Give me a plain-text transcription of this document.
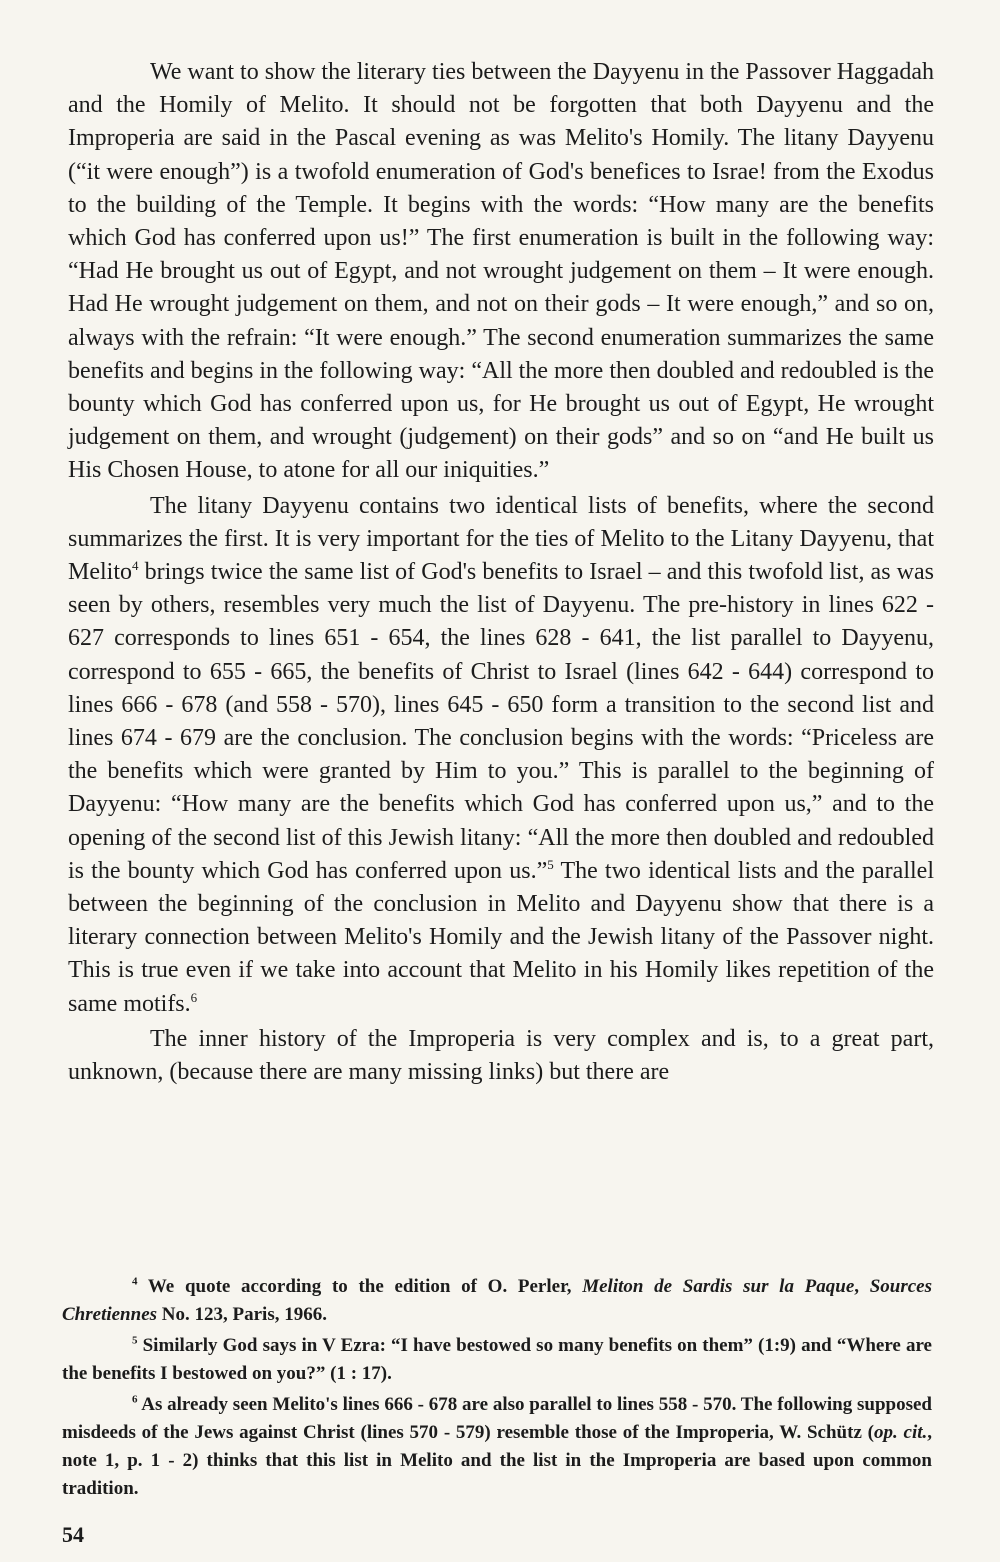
We want to show the literary ties between the Dayyenu in the Passover Haggadah and the Homily of Melito. It should not be forgotten that both Dayyenu and the Improperia are said in the Pascal evening as was Melito's Homily. The litany Dayyenu (“it were enough”) is a twofold enumeration of God's benefices to Israe! from the Exodus to the building of the Temple. It begins with the words: “How many are the benefits which God has conferred upon us!” The first enumeration is built in the following way: “Had He brought us out of Egypt, and not wrought judgement on them – It were enough. Had He wrought judgement on them, and not on their gods – It were enough,” and so on, always with the refrain: “It were enough.” The second enumeration summarizes the same benefits and begins in the following way: “All the more then doubled and redoubled is the bounty which God has conferred upon us, for He brought us out of Egypt, He wrought judgement on them, and wrought (judgement) on their gods” and so on “and He built us His Chosen House, to atone for all our iniquities.”

The litany Dayyenu contains two identical lists of benefits, where the second summarizes the first. It is very important for the ties of Melito to the Litany Dayyenu, that Melito$^4$ brings twice the same list of God's benefits to Israel – and this twofold list, as was seen by others, resembles very much the list of Dayyenu. The pre-history in lines 622 - 627 corresponds to lines 651 - 654, the lines 628 - 641, the list parallel to Dayyenu, correspond to 655 - 665, the benefits of Christ to Israel (lines 642 - 644) correspond to lines 666 - 678 (and 558 - 570), lines 645 - 650 form a transition to the second list and lines 674 - 679 are the conclusion. The conclusion begins with the words: “Priceless are the benefits which were granted by Him to you.” This is parallel to the beginning of Dayyenu: “How many are the benefits which God has conferred upon us,” and to the opening of the second list of this Jewish litany: “All the more then doubled and redoubled is the bounty which God has conferred upon us.”$^5$ The two identical lists and the parallel between the beginning of the conclusion in Melito and Dayyenu show that there is a literary connection between Melito's Homily and the Jewish litany of the Passover night. This is true even if we take into account that Melito in his Homily likes repetition of the same motifs.$^6$

The inner history of the Improperia is very complex and is, to a great part, unknown, (because there are many missing links) but there are

$^4$ We quote according to the edition of O. Perler, Meliton de Sardis sur la Paque, Sources Chretiennes No. 123, Paris, 1966.

$^5$ Similarly God says in V Ezra: “I have bestowed so many benefits on them” (1:9) and “Where are the benefits I bestowed on you?” (1 : 17).

$^6$ As already seen Melito's lines 666 - 678 are also parallel to lines 558 - 570. The following supposed misdeeds of the Jews against Christ (lines 570 - 579) resemble those of the Improperia, W. Schütz (op. cit., note 1, p. 1 - 2) thinks that this list in Melito and the list in the Improperia are based upon common tradition.

54
